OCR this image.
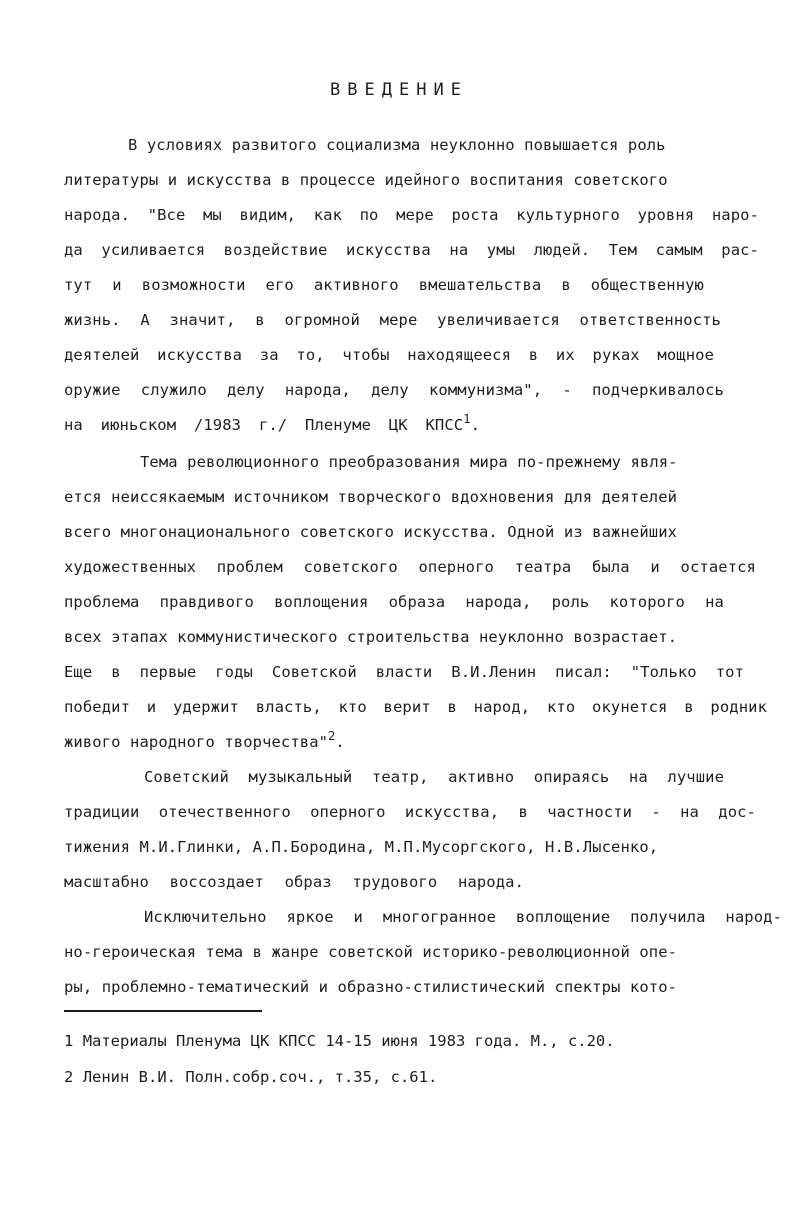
ВВЕДЕНИЕ
В условиях развитого социализма неуклонно повышается роль
литературы и искусства в процессе идейного воспитания советского
народа. "Все мы видим, как по мере роста культурного уровня наро-
да усиливается воздействие искусства на умы людей. Тем самым рас-
тут и возможности его активного вмешательства в общественную
жизнь. А значит, в огромной мере увеличивается ответственность
деятелей искусства за то, чтобы находящееся в их руках мощное
оружие служило делу народа, делу коммунизма", - подчеркивалось
на июньском /1983 г./ Пленуме ЦК КПСС$^1$.
Тема революционного преобразования мира по-прежнему явля-
ется неиссякаемым источником творческого вдохновения для деятелей
всего многонационального советского искусства. Одной из важнейших
художественных проблем советского оперного театра была и остается
проблема правдивого воплощения образа народа, роль которого на
всех этапах коммунистического строительства неуклонно возрастает.
Еще в первые годы Советской власти В.И.Ленин писал: "Только тот
победит и удержит власть, кто верит в народ, кто окунется в родник
живого народного творчества"$^2$.
Советский музыкальный театр, активно опираясь на лучшие
традиции отечественного оперного искусства, в частности - на дос-
тижения М.И.Глинки, А.П.Бородина, М.П.Мусоргского, Н.В.Лысенко,
масштабно воссоздает образ трудового народа.
Исключительно яркое и многогранное воплощение получила народ-
но-героическая тема в жанре советской историко-революционной опе-
ры, проблемно-тематический и образно-стилистический спектры кото-
1 Материалы Пленума ЦК КПСС 14-15 июня 1983 года. М., с.20.
2 Ленин В.И. Полн.собр.соч., т.35, с.61.
